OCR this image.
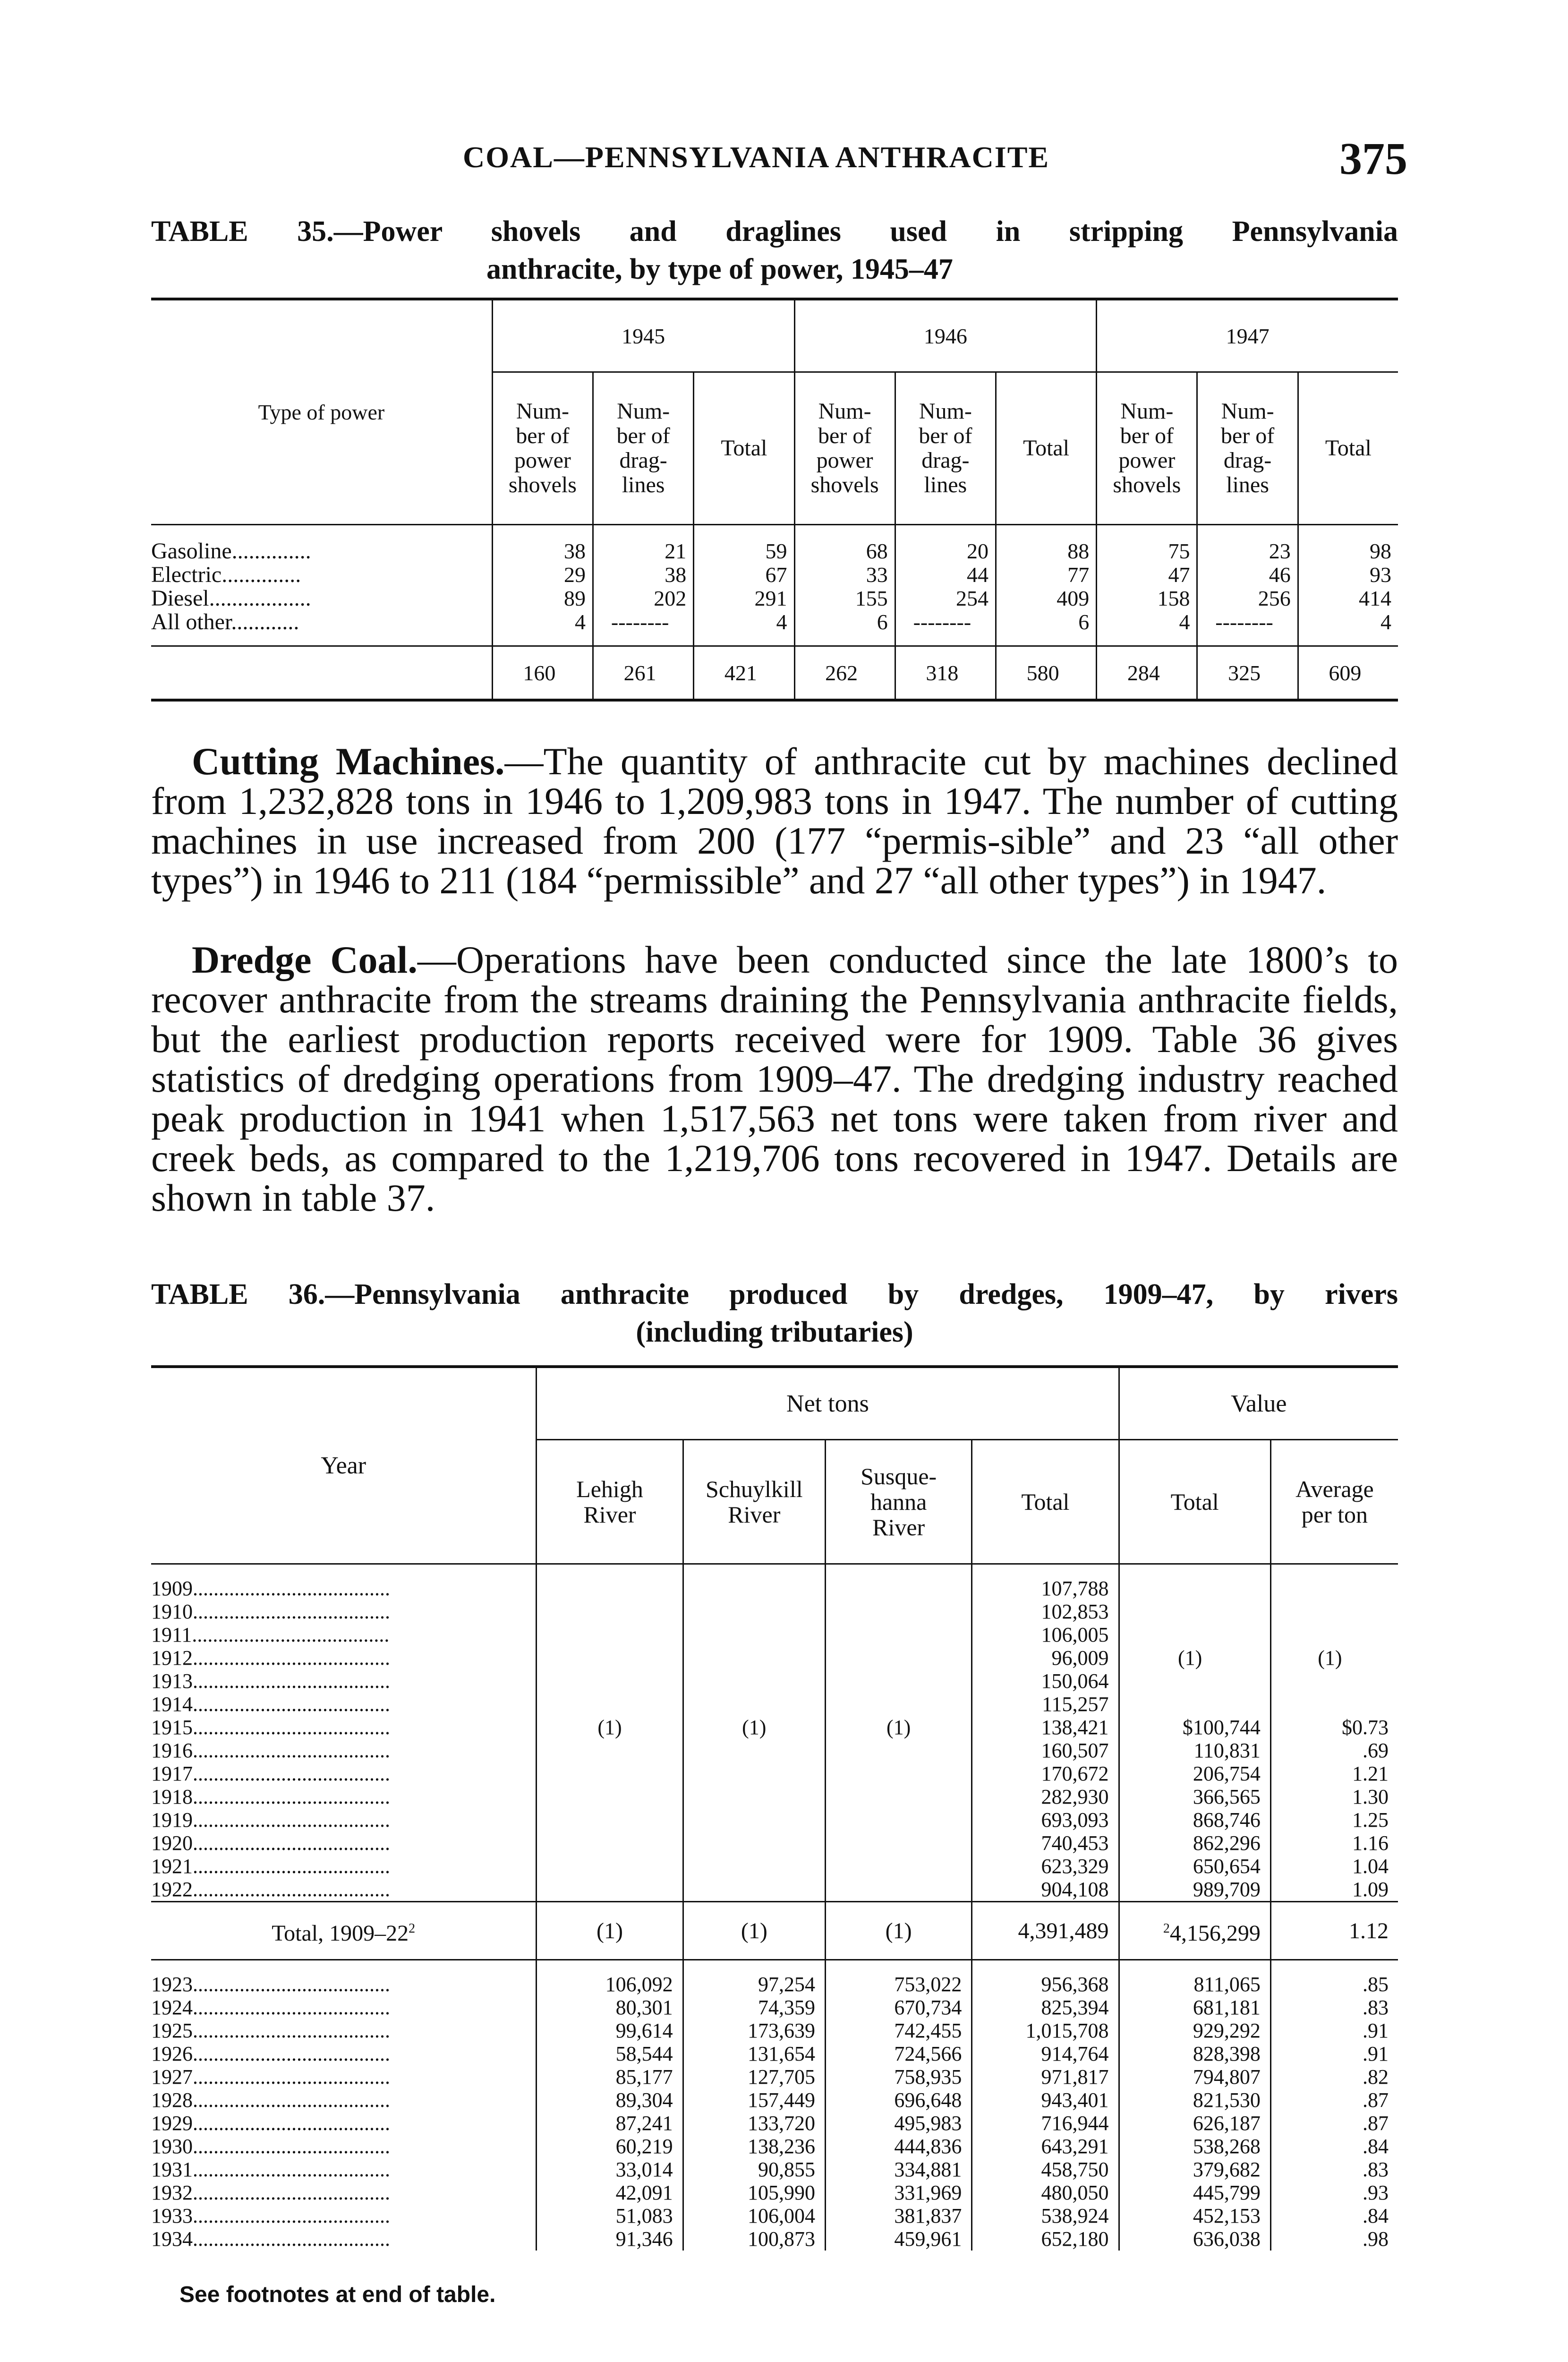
COAL—PENNSYLVANIA ANTHRACITE	375
TABLE 35.—Power shovels and draglines used in stripping Pennsylvania
anthracite, by type of power, 1945–47
Type of power	1945			1946			1947		
	Num-
ber of
power
shovels	Num-
ber of
drag-
lines	Total	Num-
ber of
power
shovels	Num-
ber of
drag-
lines	Total	Num-
ber of
power
shovels	Num-
ber of
drag-
lines	Total
Gasoline..............	38	21	59	68	20	88	75	23	98
Electric..............	29	38	67	33	44	77	47	46	93
Diesel..................	89	202	291	155	254	409	158	256	414
All other............	4	--------	4	6	--------	6	4	--------	4
	160	261	421	262	318	580	284	325	609
Cutting Machines.—The quantity of anthracite cut by machines declined from 1,232,828 tons in 1946 to 1,209,983 tons in 1947. The number of cutting machines in use increased from 200 (177 “permis-sible” and 23 “all other types”) in 1946 to 211 (184 “permissible” and 27 “all other types”) in 1947.
Dredge Coal.—Operations have been conducted since the late 1800’s to recover anthracite from the streams draining the Pennsylvania anthracite fields, but the earliest production reports received were for 1909. Table 36 gives statistics of dredging operations from 1909–47. The dredging industry reached peak production in 1941 when 1,517,563 net tons were taken from river and creek beds, as compared to the 1,219,706 tons recovered in 1947. Details are shown in table 37.
TABLE 36.—Pennsylvania anthracite produced by dredges, 1909–47, by rivers
(including tributaries)
Year	Net tons				Value	
	Lehigh
River	Schuylkill
River	Susque-
hanna
River	Total	Total	Average
per ton
1909......................................				107,788		
1910......................................				102,853		
1911......................................				106,005		
1912......................................				96,009	(1)	(1)
1913......................................				150,064		
1914......................................				115,257		
1915......................................	(1)	(1)	(1)	138,421	$100,744	$0.73
1916......................................				160,507	110,831	.69
1917......................................				170,672	206,754	1.21
1918......................................				282,930	366,565	1.30
1919......................................				693,093	868,746	1.25
1920......................................				740,453	862,296	1.16
1921......................................				623,329	650,654	1.04
1922......................................				904,108	989,709	1.09
Total, $1909-22^2$	(1)	(1)	(1)	4,391,489	$^2$4,156,299	1.12
1923......................................	106,092	97,254	753,022	956,368	811,065	.85
1924......................................	80,301	74,359	670,734	825,394	681,181	.83
1925......................................	99,614	173,639	742,455	1,015,708	929,292	.91
1926......................................	58,544	131,654	724,566	914,764	828,398	.91
1927......................................	85,177	127,705	758,935	971,817	794,807	.82
1928......................................	89,304	157,449	696,648	943,401	821,530	.87
1929......................................	87,241	133,720	495,983	716,944	626,187	.87
1930......................................	60,219	138,236	444,836	643,291	538,268	.84
1931......................................	33,014	90,855	334,881	458,750	379,682	.83
1932......................................	42,091	105,990	331,969	480,050	445,799	.93
1933......................................	51,083	106,004	381,837	538,924	452,153	.84
1934......................................	91,346	100,873	459,961	652,180	636,038	.98
See footnotes at end of table.
